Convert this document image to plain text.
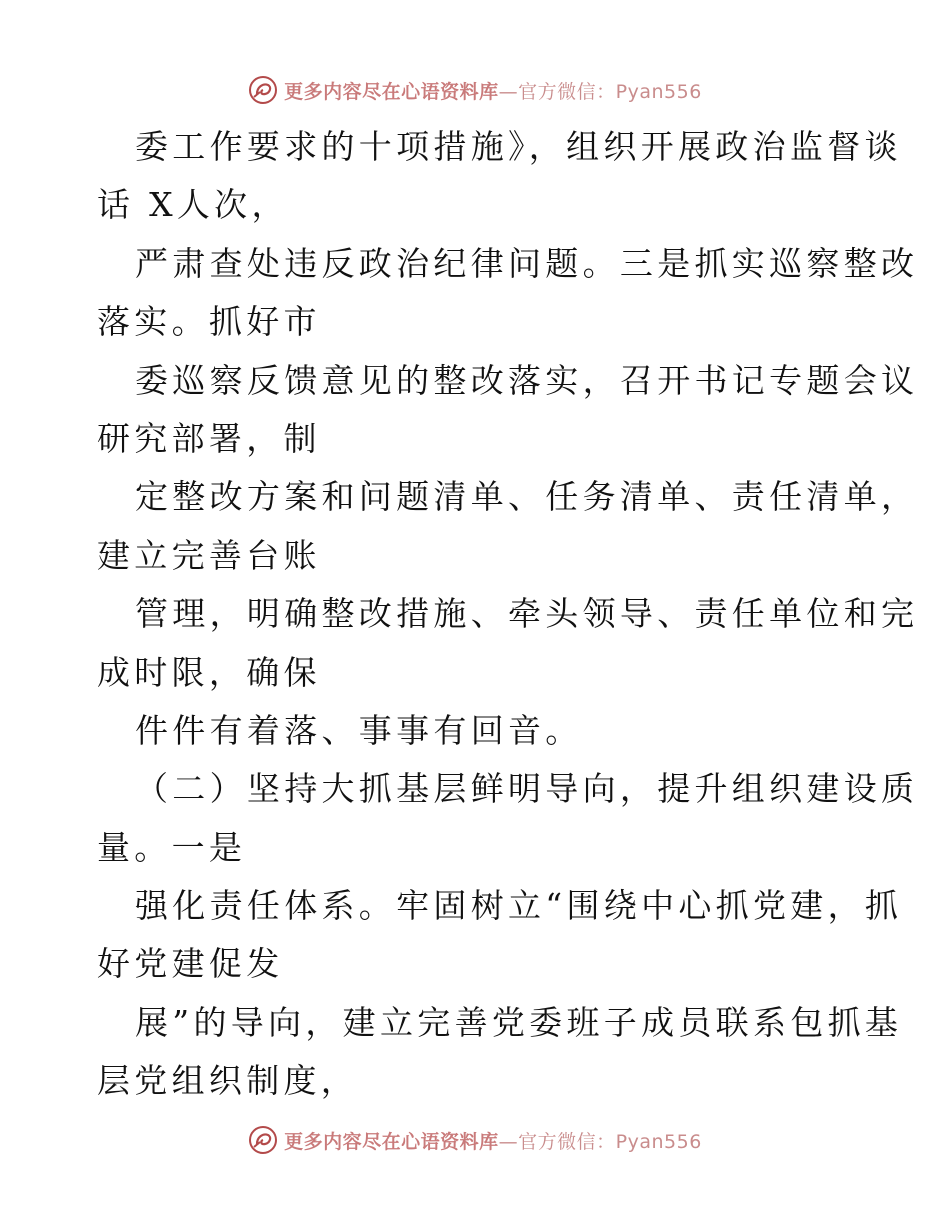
更多内容尽在心语资料库—官方微信：Pyan556
委工作要求的十项措施》，组织开展政治监督谈
话 X人次，
严肃查处违反政治纪律问题。三是抓实巡察整改
落实。抓好市
委巡察反馈意见的整改落实，召开书记专题会议
研究部署，制
定整改方案和问题清单、任务清单、责任清单，
建立完善台账
管理，明确整改措施、牵头领导、责任单位和完
成时限，确保
件件有着落、事事有回音。
（二）坚持大抓基层鲜明导向，提升组织建设质
量。一是
强化责任体系。牢固树立“围绕中心抓党建，抓
好党建促发
展”的导向，建立完善党委班子成员联系包抓基
层党组织制度，
更多内容尽在心语资料库—官方微信：Pyan556
